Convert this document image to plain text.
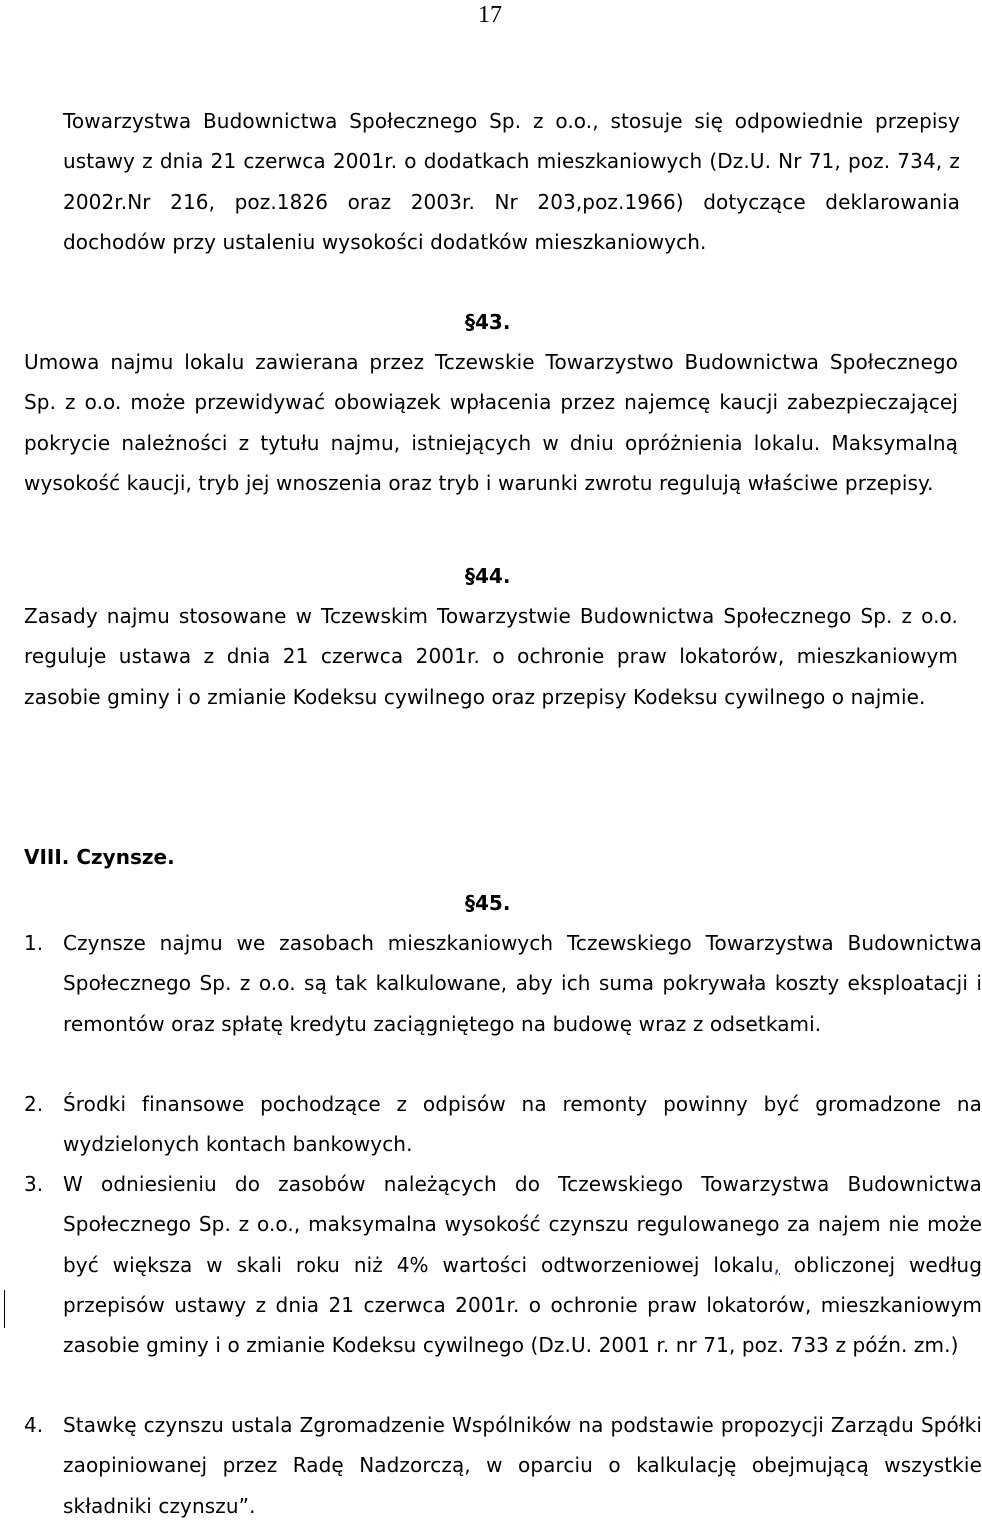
17

Towarzystwa Budownictwa Społecznego Sp. z o.o., stosuje się odpowiednie przepisy ustawy z dnia 21 czerwca 2001r. o dodatkach mieszkaniowych (Dz.U. Nr 71, poz. 734, z 2002r.Nr 216, poz.1826 oraz 2003r. Nr 203,poz.1966) dotyczące deklarowania dochodów przy ustaleniu wysokości dodatków mieszkaniowych.

§43.

Umowa najmu lokalu zawierana przez Tczewskie Towarzystwo Budownictwa Społecznego Sp. z o.o. może przewidywać obowiązek wpłacenia przez najemcę kaucji zabezpieczającej pokrycie należności z tytułu najmu, istniejących w dniu opróżnienia lokalu. Maksymalną wysokość kaucji, tryb jej wnoszenia oraz tryb i warunki zwrotu regulują właściwe przepisy.

§44.

Zasady najmu stosowane w Tczewskim Towarzystwie Budownictwa Społecznego Sp. z o.o. reguluje ustawa z dnia 21 czerwca 2001r. o ochronie praw lokatorów, mieszkaniowym zasobie gminy i o zmianie Kodeksu cywilnego oraz przepisy Kodeksu cywilnego o najmie.

VIII. Czynsze.
§45.
1. Czynsze najmu we zasobach mieszkaniowych Tczewskiego Towarzystwa Budownictwa Społecznego Sp. z o.o. są tak kalkulowane, aby ich suma pokrywała koszty eksploatacji i remontów oraz spłatę kredytu zaciągniętego na budowę wraz z odsetkami.

2. Środki finansowe pochodzące z odpisów na remonty powinny być gromadzone na wydzielonych kontach bankowych.

3. W odniesieniu do zasobów należących do Tczewskiego Towarzystwa Budownictwa Społecznego Sp. z o.o., maksymalna wysokość czynszu regulowanego za najem nie może być większa w skali roku niż 4% wartości odtworzeniowej lokalu, obliczonej według przepisów ustawy z dnia 21 czerwca 2001r. o ochronie praw lokatorów, mieszkaniowym zasobie gminy i o zmianie Kodeksu cywilnego (Dz.U. 2001 r. nr 71, poz. 733 z późn. zm.)

4. Stawkę czynszu ustala Zgromadzenie Wspólników na podstawie propozycji Zarządu Spółki zaopiniowanej przez Radę Nadzorczą, w oparciu o kalkulację obejmującą wszystkie składniki czynszu”.
